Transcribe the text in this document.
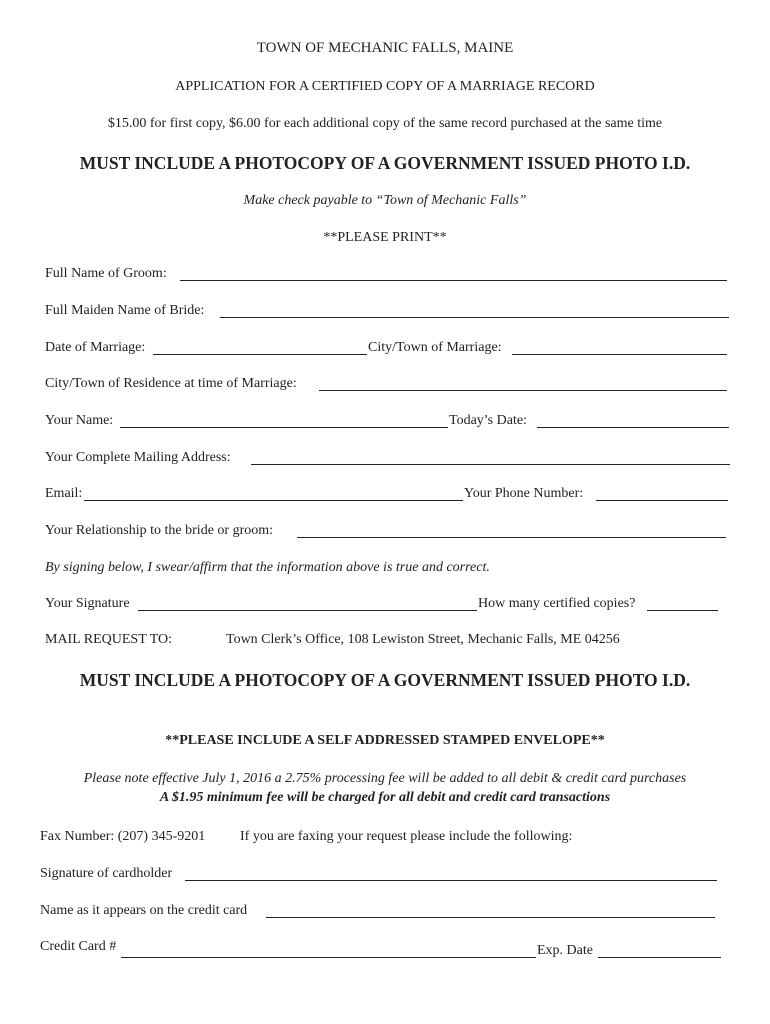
TOWN OF MECHANIC FALLS, MAINE
APPLICATION FOR A CERTIFIED COPY OF A MARRIAGE RECORD
$15.00 for first copy, $6.00 for each additional copy of the same record purchased at the same time
MUST INCLUDE A PHOTOCOPY OF A GOVERNMENT ISSUED PHOTO I.D.
Make check payable to “Town of Mechanic Falls”
**PLEASE PRINT**
Full Name of Groom:
Full Maiden Name of Bride:
Date of Marriage:	City/Town of Marriage:
City/Town of Residence at time of Marriage:
Your Name:	Today’s Date:
Your Complete Mailing Address:
Email:	Your Phone Number:
Your Relationship to the bride or groom:
By signing below, I swear/affirm that the information above is true and correct.
Your Signature	How many certified copies?
MAIL REQUEST TO:	Town Clerk’s Office, 108 Lewiston Street, Mechanic Falls, ME 04256
MUST INCLUDE A PHOTOCOPY OF A GOVERNMENT ISSUED PHOTO I.D.
**PLEASE INCLUDE A SELF ADDRESSED STAMPED ENVELOPE**
Please note effective July 1, 2016 a 2.75% processing fee will be added to all debit & credit card purchases
A $1.95 minimum fee will be charged for all debit and credit card transactions
Fax Number: (207) 345-9201 If you are faxing your request please include the following:
Signature of cardholder
Name as it appears on the credit card
Credit Card #	Exp. Date
